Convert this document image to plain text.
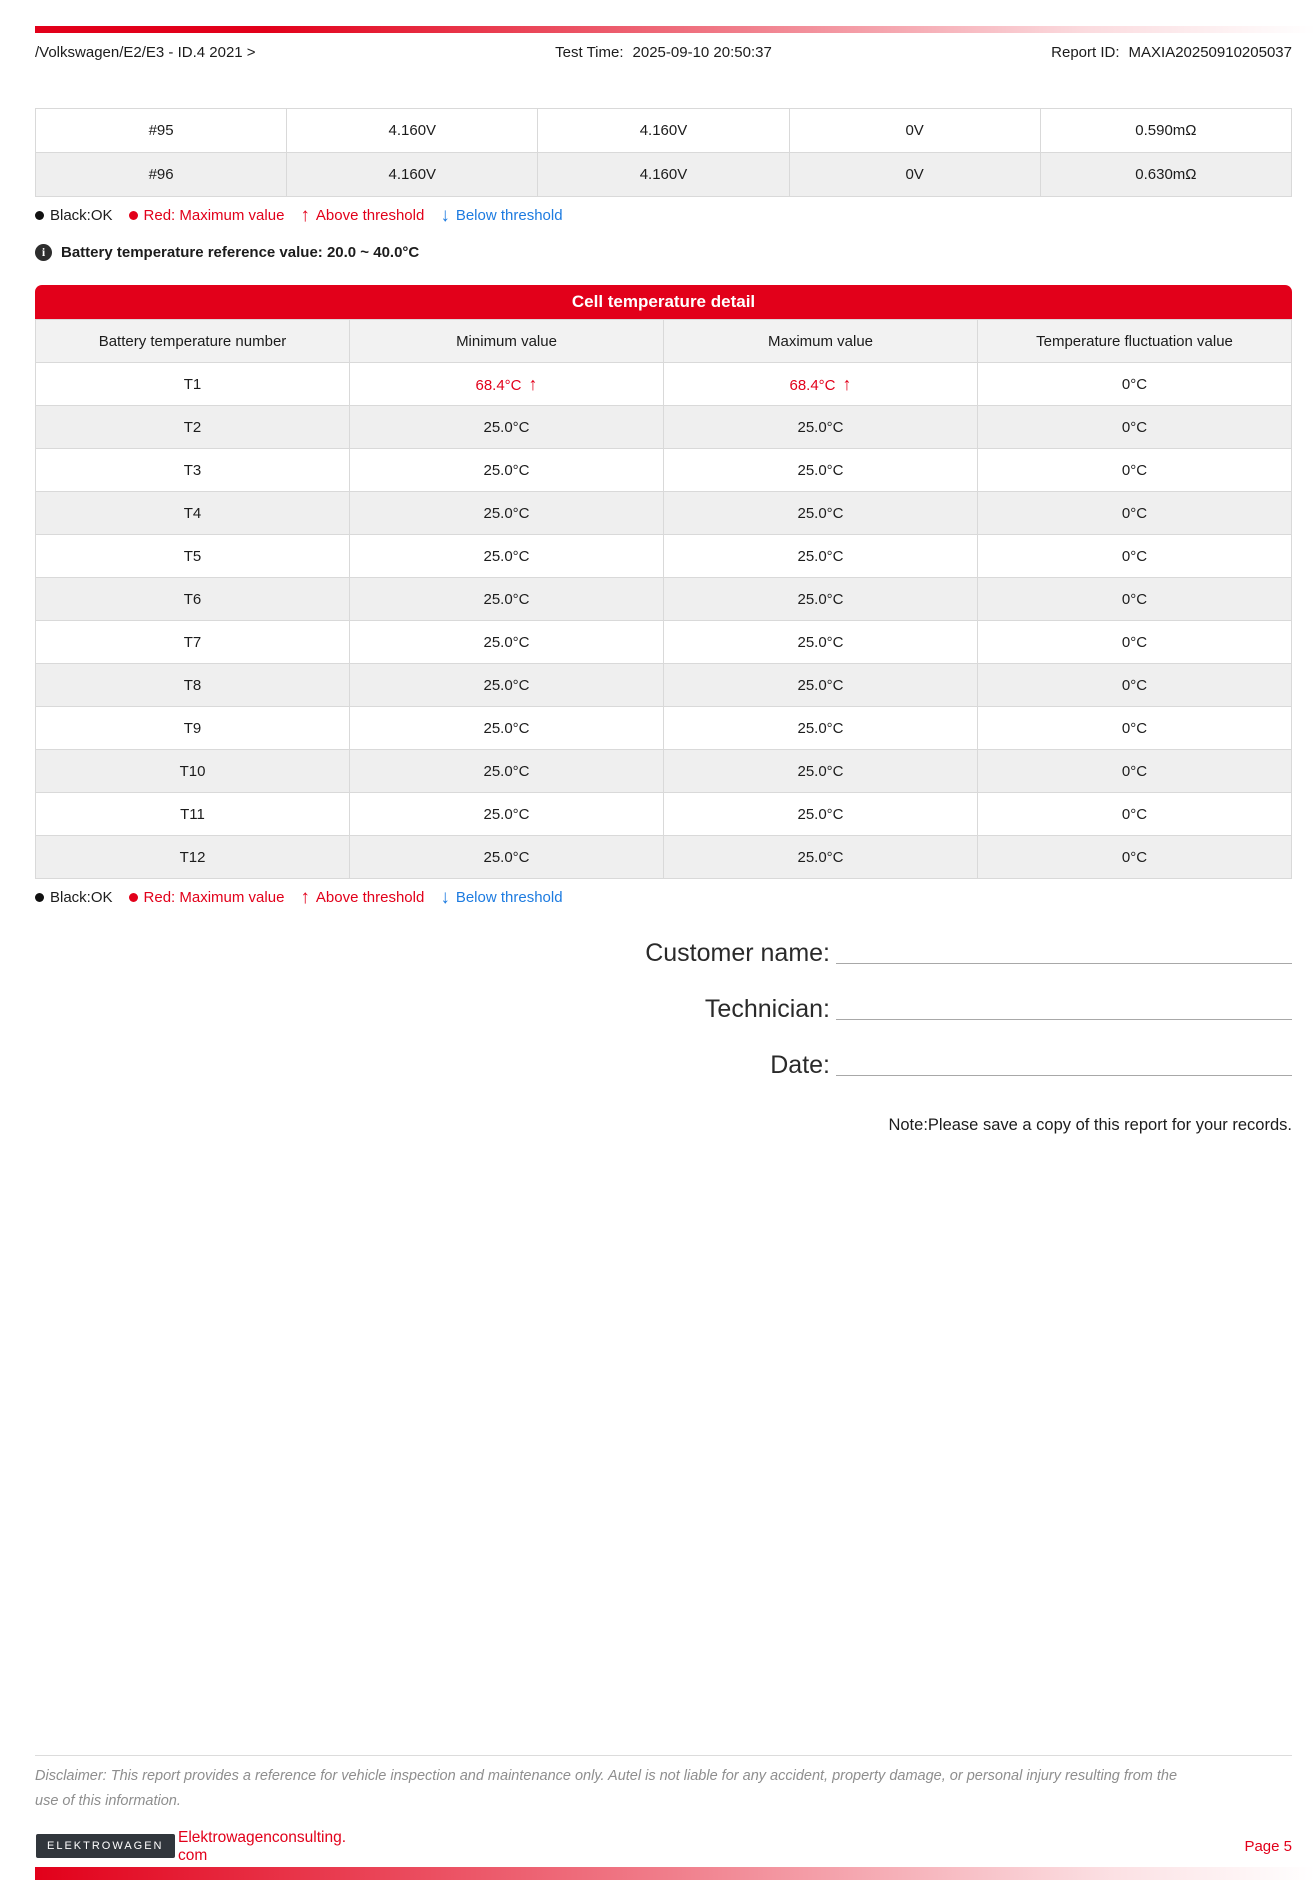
/Volkswagen/E2/E3 - ID.4 2021 >	Test Time: 2025-09-10 20:50:37	Report ID: MAXIA20250910205037
#95	4.160V	4.160V	0V	0.590mΩ
#96	4.160V	4.160V	0V	0.630mΩ
Black:OK Red: Maximum value ↑ Above threshold ↓ Below threshold
i	Battery temperature reference value: 20.0 ~ 40.0°C
Cell temperature detail
Battery temperature number	Minimum value	Maximum value	Temperature fluctuation value
T1	68.4°C ↑	68.4°C ↑	0°C
T2	25.0°C	25.0°C	0°C
T3	25.0°C	25.0°C	0°C
T4	25.0°C	25.0°C	0°C
T5	25.0°C	25.0°C	0°C
T6	25.0°C	25.0°C	0°C
T7	25.0°C	25.0°C	0°C
T8	25.0°C	25.0°C	0°C
T9	25.0°C	25.0°C	0°C
T10	25.0°C	25.0°C	0°C
T11	25.0°C	25.0°C	0°C
T12	25.0°C	25.0°C	0°C
Black:OK Red: Maximum value ↑ Above threshold ↓ Below threshold
Customer name:
Technician:
Date:
Note:Please save a copy of this report for your records.
Disclaimer: This report provides a reference for vehicle inspection and maintenance only. Autel is not liable for any accident, property damage, or personal injury resulting from the use of this information.
ELEKTROWAGEN Elektrowagenconsulting.
com
Page 5
